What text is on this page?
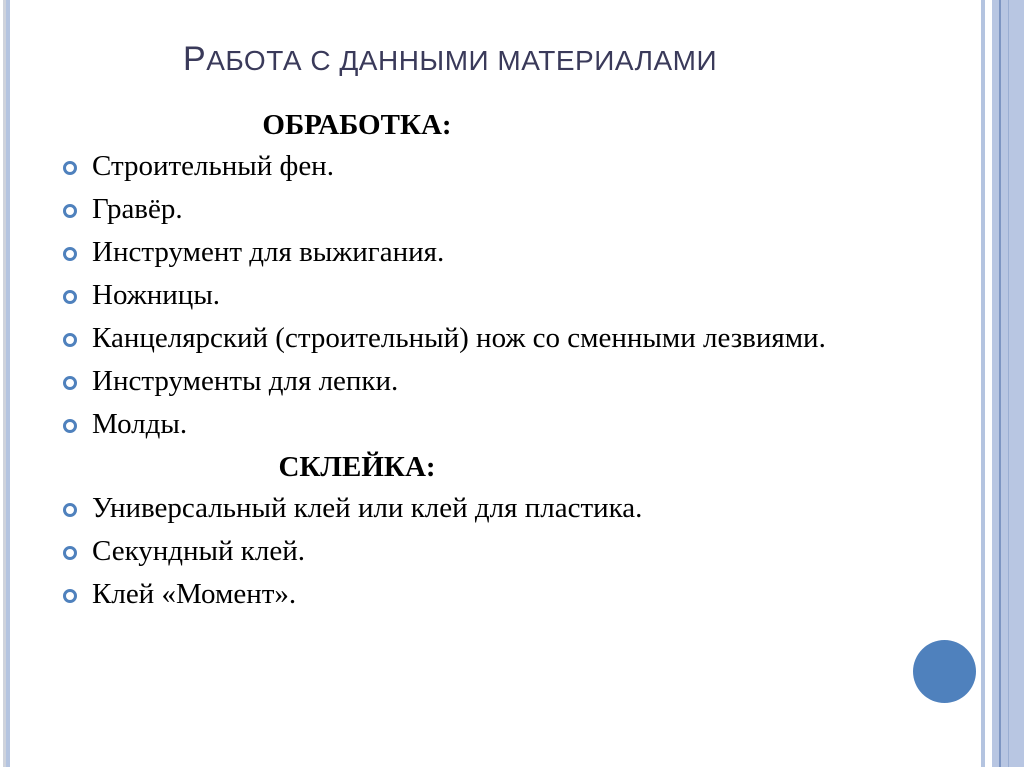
РАБОТА С ДАННЫМИ МАТЕРИАЛАМИ
ОБРАБОТКА:
Строительный фен.
Гравёр.
Инструмент для выжигания.
Ножницы.
Канцелярский (строительный) нож со сменными лезвиями.
Инструменты для лепки.
Молды.
СКЛЕЙКА:
Универсальный клей или клей для пластика.
Секундный клей.
Клей «Момент».
